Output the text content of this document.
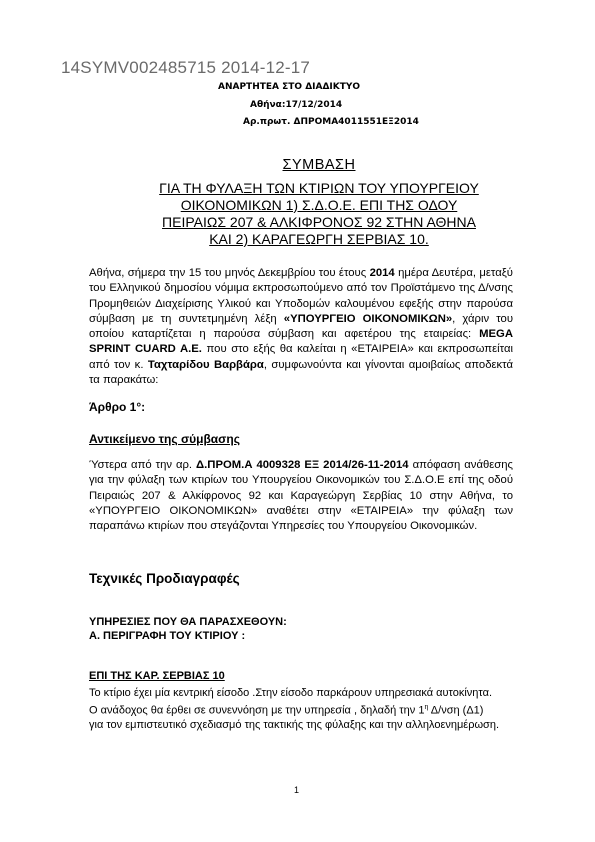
14SYMV002485715 2014-12-17
ΑΝΑΡΤΗΤΕΑ ΣΤΟ ΔΙΑΔΙΚΤΥΟ
Αθήνα:17/12/2014
Αρ.πρωτ. ΔΠΡΟΜΑ4011551ΕΞ2014
ΣΥΜΒΑΣΗ
ΓΙΑ ΤΗ ΦΥΛΑΞΗ ΤΩΝ ΚΤΙΡΙΩΝ ΤΟΥ ΥΠΟΥΡΓΕΙΟΥ
ΟΙΚΟΝΟΜΙΚΩΝ 1) Σ.Δ.Ο.Ε. ΕΠΙ ΤΗΣ ΟΔΟΥ
ΠΕΙΡΑΙΩΣ 207 & ΑΛΚΙΦΡΟΝΟΣ 92 ΣΤΗΝ ΑΘΗΝΑ
ΚΑΙ 2) ΚΑΡΑΓΕΩΡΓΗ ΣΕΡΒΙΑΣ 10.

Αθήνα, σήμερα την 15 του μηνός Δεκεμβρίου του έτους 2014 ημέρα Δευτέρα, μεταξύ του Ελληνικού δημοσίου νόμιμα εκπροσωπούμενο από τον Προϊστάμενο της Δ/νσης Προμηθειών Διαχείρισης Υλικού και Υποδομών καλουμένου εφεξής στην παρούσα σύμβαση με τη συντετμημένη λέξη «ΥΠΟΥΡΓΕΙΟ ΟΙΚΟΝΟΜΙΚΩΝ», χάριν του οποίου καταρτίζεται η παρούσα σύμβαση και αφετέρου της εταιρείας: MEGA SPRINT CUARD A.E. που στο εξής θα καλείται η «ΕΤΑΙΡΕΙΑ» και εκπροσωπείται από τον κ. Ταχταρίδου Βαρβάρα, συμφωνούντα και γίνονται αμοιβαίως αποδεκτά τα παρακάτω:

Άρθρο 1°:
Αντικείμενο της σύμβασης

Ύστερα από την αρ. Δ.ΠΡΟΜ.Α 4009328 ΕΞ 2014/26-11-2014 απόφαση ανάθεσης για την φύλαξη των κτιρίων του Υπουργείου Οικονομικών του Σ.Δ.Ο.Ε επί της οδού Πειραιώς 207 & Αλκίφρονος 92 και Καραγεώργη Σερβίας 10 στην Αθήνα, το «ΥΠΟΥΡΓΕΙΟ ΟΙΚΟΝΟΜΙΚΩΝ» αναθέτει στην «ΕΤΑΙΡΕΙΑ» την φύλαξη των παραπάνω κτιρίων που στεγάζονται Υπηρεσίες του Υπουργείου Οικονομικών.

Τεχνικές Προδιαγραφές
ΥΠΗΡΕΣΙΕΣ ΠΟΥ ΘΑ ΠΑΡΑΣΧΕΘΟΥΝ:
Α. ΠΕΡΙΓΡΑΦΗ ΤΟΥ ΚΤΙΡΙΟΥ :
ΕΠΙ ΤΗΣ ΚΑΡ. ΣΕΡΒΙΑΣ 10
Το κτίριο έχει μία κεντρική είσοδο .Στην είσοδο παρκάρουν υπηρεσιακά αυτοκίνητα. Ο ανάδοχος θα έρθει σε συνεννόηση με την υπηρεσία , δηλαδή την $1^\eta$ Δ/νση (Δ1) για τον εμπιστευτικό σχεδιασμό της τακτικής της φύλαξης και την αλληλοενημέρωση.
1
